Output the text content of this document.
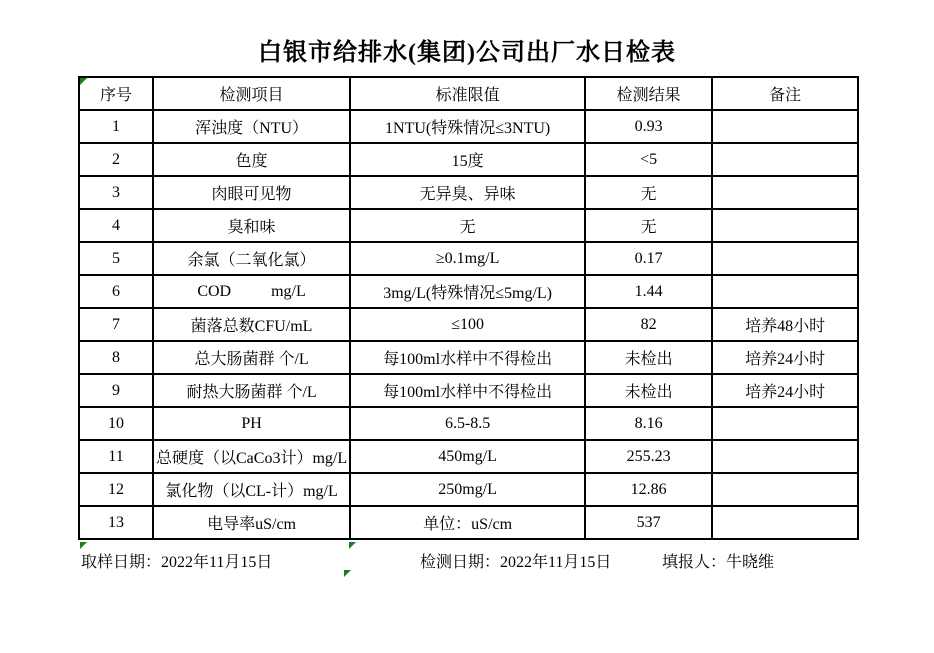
白银市给排水(集团)公司出厂水日检表
序号	检测项目	标准限值	检测结果	备注
1	浑浊度（NTU）	1NTU(特殊情况≤3NTU)	0.93	
2	色度	15度	<5	
3	肉眼可见物	无异臭、异味	无	
4	臭和味	无	无	
5	余氯（二氧化氯）	≥0.1mg/L	0.17	
6	COD          mg/L	3mg/L(特殊情况≤5mg/L)	1.44	
7	菌落总数CFU/mL	≤100	82	培养48小时
8	总大肠菌群 个/L	每100ml水样中不得检出	未检出	培养24小时
9	耐热大肠菌群 个/L	每100ml水样中不得检出	未检出	培养24小时
10	PH	6.5-8.5	8.16	
11	总硬度（以CaCo3计）mg/L	450mg/L	255.23	
12	氯化物（以CL-计）mg/L	250mg/L	12.86	
13	电导率uS/cm	单位：uS/cm	537	
取样日期：2022年11月15日	检测日期：2022年11月15日	填报人：牛晓维
